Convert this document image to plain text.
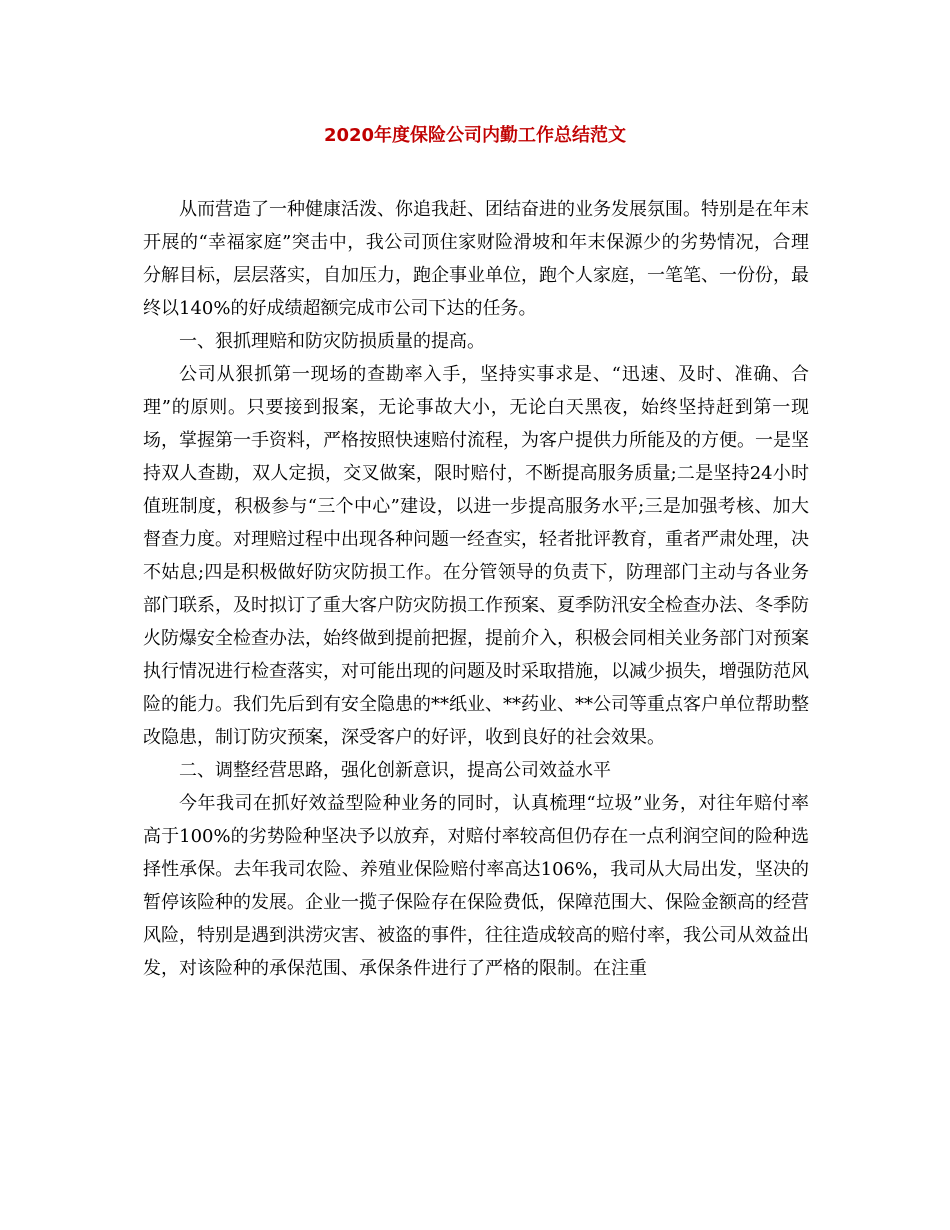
2020年度保险公司内勤工作总结范文

从而营造了一种健康活泼、你追我赶、团结奋进的业务发展氛围。特别是在年末开展的“幸福家庭”突击中，我公司顶住家财险滑坡和年末保源少的劣势情况，合理分解目标，层层落实，自加压力，跑企事业单位，跑个人家庭，一笔笔、一份份，最终以140%的好成绩超额完成市公司下达的任务。

一、狠抓理赔和防灾防损质量的提高。

公司从狠抓第一现场的查勘率入手，坚持实事求是、“迅速、及时、准确、合理”的原则。只要接到报案，无论事故大小，无论白天黑夜，始终坚持赶到第一现场，掌握第一手资料，严格按照快速赔付流程，为客户提供力所能及的方便。一是坚持双人查勘，双人定损，交叉做案，限时赔付，不断提高服务质量;二是坚持24小时值班制度，积极参与“三个中心”建设，以进一步提高服务水平;三是加强考核、加大督查力度。对理赔过程中出现各种问题一经查实，轻者批评教育，重者严肃处理，决不姑息;四是积极做好防灾防损工作。在分管领导的负责下，防理部门主动与各业务部门联系，及时拟订了重大客户防灾防损工作预案、夏季防汛安全检查办法、冬季防火防爆安全检查办法，始终做到提前把握，提前介入，积极会同相关业务部门对预案执行情况进行检查落实，对可能出现的问题及时采取措施，以减少损失，增强防范风险的能力。我们先后到有安全隐患的**纸业、**药业、**公司等重点客户单位帮助整改隐患，制订防灾预案，深受客户的好评，收到良好的社会效果。

二、调整经营思路，强化创新意识，提高公司效益水平

今年我司在抓好效益型险种业务的同时，认真梳理“垃圾”业务，对往年赔付率高于100%的劣势险种坚决予以放弃，对赔付率较高但仍存在一点利润空间的险种选择性承保。去年我司农险、养殖业保险赔付率高达106%，我司从大局出发，坚决的暂停该险种的发展。企业一揽子保险存在保险费低，保障范围大、保险金额高的经营风险，特别是遇到洪涝灾害、被盗的事件，往往造成较高的赔付率，我公司从效益出发，对该险种的承保范围、承保条件进行了严格的限制。在注重
